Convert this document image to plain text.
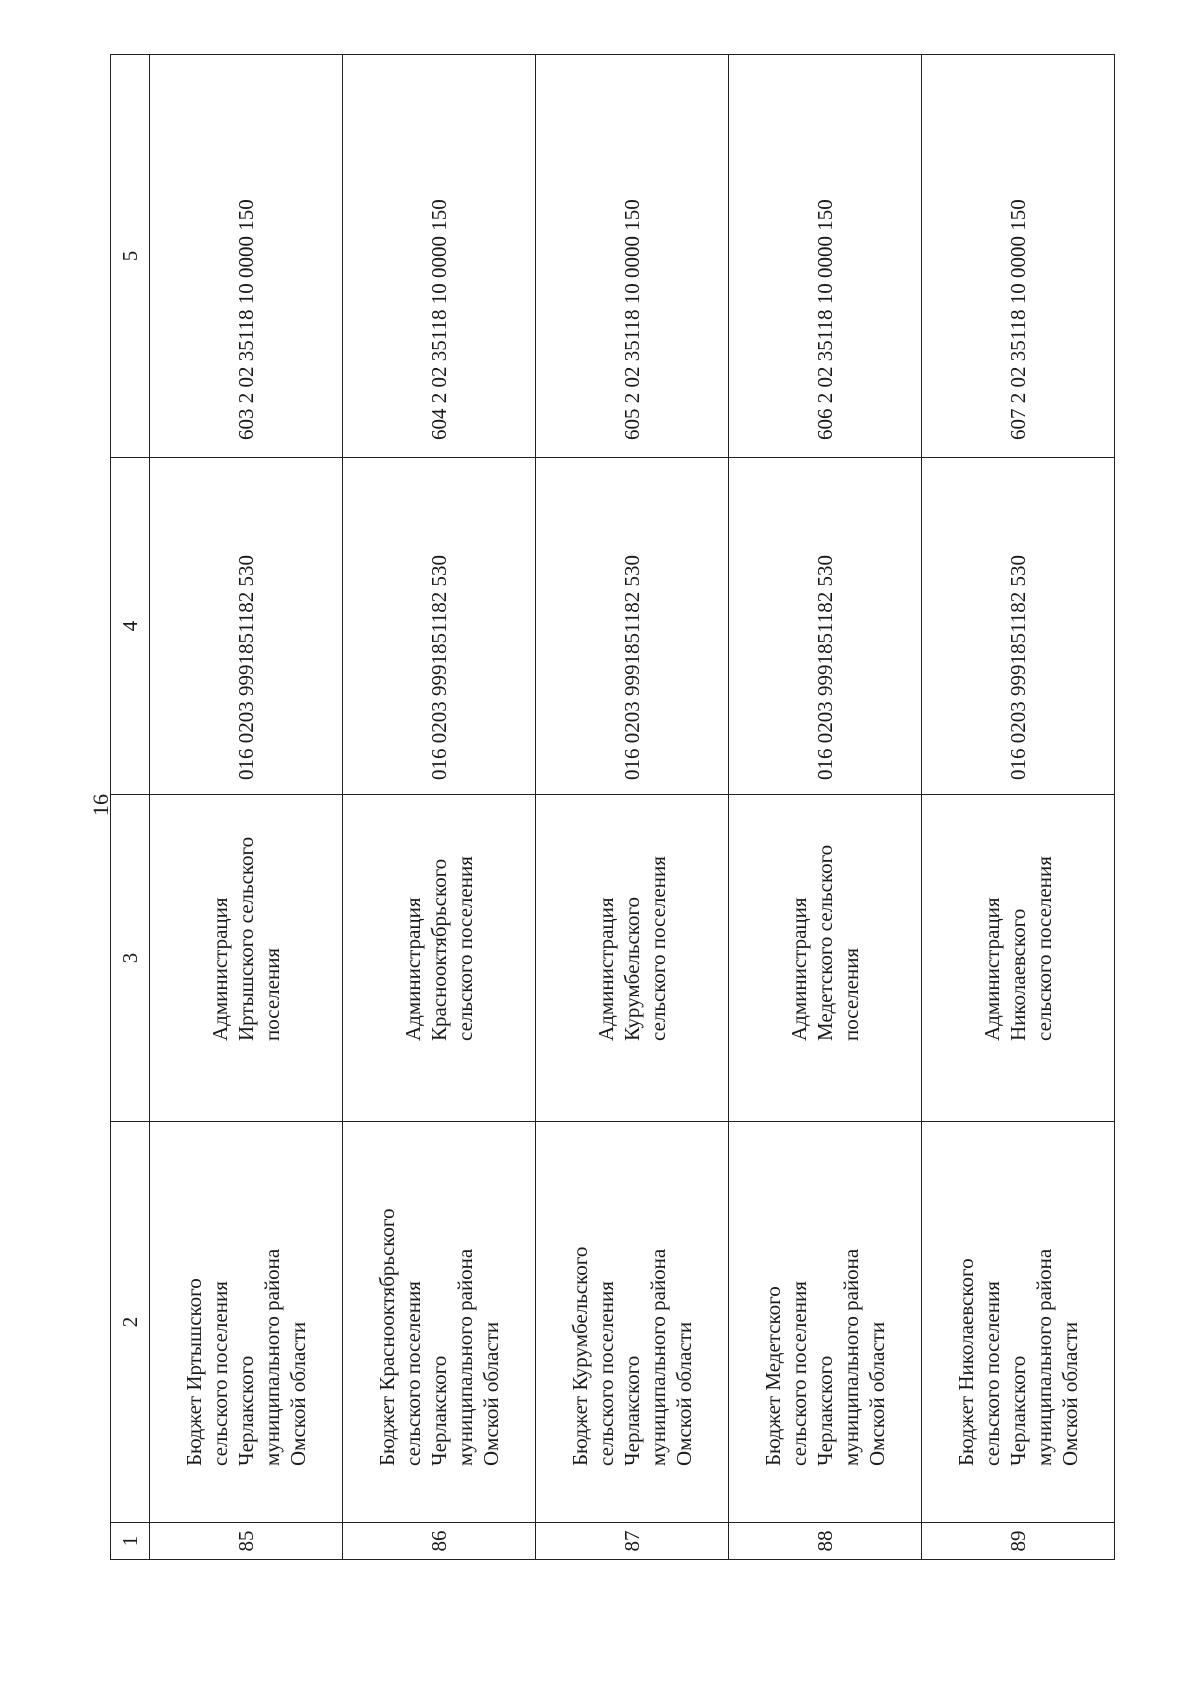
16
1	2	3	4	5
85	Бюджет Иртышского
сельского поселения
Черлакского
муниципального района
Омской области	Администрация
Иртышского сельского
поселения	016 0203 9991851182 530	603 2 02 35118 10 0000 150
86	Бюджет Краснооктябрьского
сельского поселения
Черлакского
муниципального района
Омской области	Администрация
Краснооктябрьского
сельского поселения	016 0203 9991851182 530	604 2 02 35118 10 0000 150
87	Бюджет Курумбельского
сельского поселения
Черлакского
муниципального района
Омской области	Администрация
Курумбельского
сельского поселения	016 0203 9991851182 530	605 2 02 35118 10 0000 150
88	Бюджет Медетского
сельского поселения
Черлакского
муниципального района
Омской области	Администрация
Медетского сельского
поселения	016 0203 9991851182 530	606 2 02 35118 10 0000 150
89	Бюджет Николаевского
сельского поселения
Черлакского
муниципального района
Омской области	Администрация
Николаевского
сельского поселения	016 0203 9991851182 530	607 2 02 35118 10 0000 150
